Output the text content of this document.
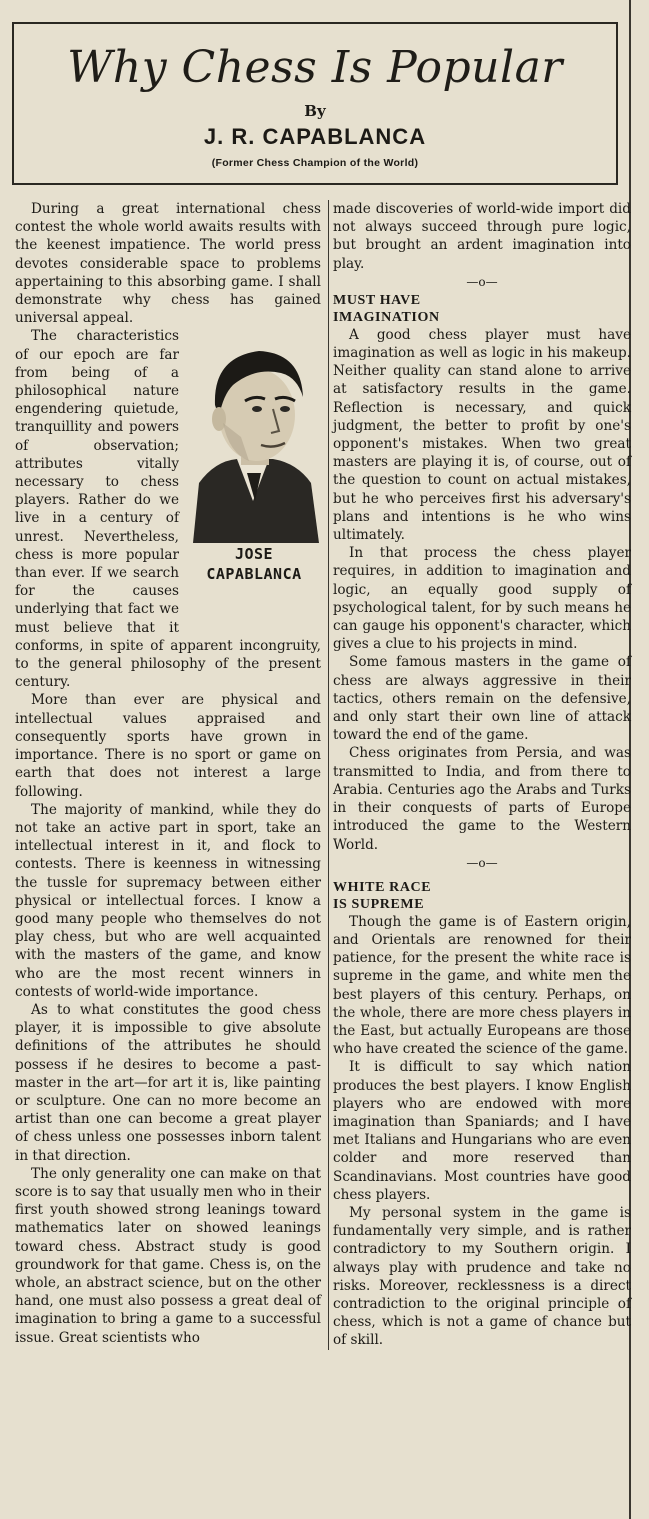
Why Chess Is Popular
By
J. R. CAPABLANCA
(Former Chess Champion of the World)

During a great international chess contest the whole world awaits results with the keenest impatience. The world press devotes considerable space to problems appertaining to this absorbing game. I shall demonstrate why chess has gained universal appeal.

JOSE
CAPABLANCA

The characteristics of our epoch are far from being of a philosophical nature engendering quietude, tranquillity and powers of observation; attributes vitally necessary to chess players. Rather do we live in a century of unrest. Nevertheless, chess is more popular than ever. If we search for the causes underlying that fact we must believe that it conforms, in spite of apparent incongruity, to the general philosophy of the present century.

More than ever are physical and intellectual values appraised and consequently sports have grown in importance. There is no sport or game on earth that does not interest a large following.

The majority of mankind, while they do not take an active part in sport, take an intellectual interest in it, and flock to contests. There is keenness in witnessing the tussle for supremacy between either physical or intellectual forces. I know a good many people who themselves do not play chess, but who are well acquainted with the masters of the game, and know who are the most recent winners in contests of world-wide importance.

As to what constitutes the good chess player, it is impossible to give absolute definitions of the attributes he should possess if he desires to become a past-master in the art—for art it is, like painting or sculpture. One can no more become an artist than one can become a great player of chess unless one possesses inborn talent in that direction.

The only generality one can make on that score is to say that usually men who in their first youth showed strong leanings toward mathematics later on showed leanings toward chess. Abstract study is good groundwork for that game. Chess is, on the whole, an abstract science, but on the other hand, one must also possess a great deal of imagination to bring a game to a successful issue. Great scientists who

made discoveries of world-wide import did not always succeed through pure logic, but brought an ardent imagination into play.

—o—
MUST HAVE
IMAGINATION

A good chess player must have imagination as well as logic in his makeup. Neither quality can stand alone to arrive at satisfactory results in the game. Reflection is necessary, and quick judgment, the better to profit by one's opponent's mistakes. When two great masters are playing it is, of course, out of the question to count on actual mistakes, but he who perceives first his adversary's plans and intentions is he who wins ultimately.

In that process the chess player requires, in addition to imagination and logic, an equally good supply of psychological talent, for by such means he can gauge his opponent's character, which gives a clue to his projects in mind.

Some famous masters in the game of chess are always aggressive in their tactics, others remain on the defensive, and only start their own line of attack toward the end of the game.

Chess originates from Persia, and was transmitted to India, and from there to Arabia. Centuries ago the Arabs and Turks in their conquests of parts of Europe introduced the game to the Western World.

—o—
WHITE RACE
IS SUPREME

Though the game is of Eastern origin, and Orientals are renowned for their patience, for the present the white race is supreme in the game, and white men the best players of this century. Perhaps, on the whole, there are more chess players in the East, but actually Europeans are those who have created the science of the game.

It is difficult to say which nation produces the best players. I know English players who are endowed with more imagination than Spaniards; and I have met Italians and Hungarians who are even colder and more reserved than Scandinavians. Most countries have good chess players.

My personal system in the game is fundamentally very simple, and is rather contradictory to my Southern origin. I always play with prudence and take no risks. Moreover, recklessness is a direct contradiction to the original principle of chess, which is not a game of chance but of skill.
